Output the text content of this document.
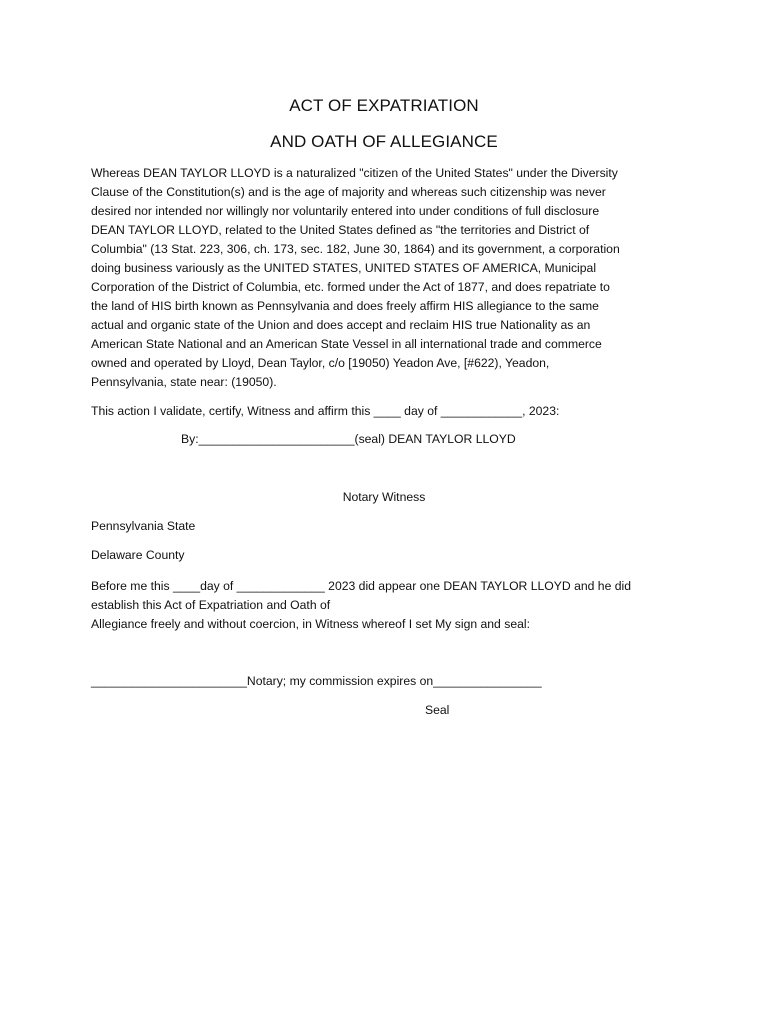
ACT OF EXPATRIATION
AND OATH OF ALLEGIANCE
Whereas DEAN TAYLOR LLOYD is a naturalized "citizen of the United States" under the Diversity
Clause of the Constitution(s) and is the age of majority and whereas such citizenship was never
desired nor intended nor willingly nor voluntarily entered into under conditions of full disclosure
DEAN TAYLOR LLOYD, related to the United States defined as "the territories and District of
Columbia" (13 Stat. 223, 306, ch. 173, sec. 182, June 30, 1864) and its government, a corporation
doing business variously as the UNITED STATES, UNITED STATES OF AMERICA, Municipal
Corporation of the District of Columbia, etc. formed under the Act of 1877, and does repatriate to
the land of HIS birth known as Pennsylvania and does freely affirm HIS allegiance to the same
actual and organic state of the Union and does accept and reclaim HIS true Nationality as an
American State National and an American State Vessel in all international trade and commerce
owned and operated by Lloyd, Dean Taylor, c/o [19050) Yeadon Ave, [#622), Yeadon,
Pennsylvania, state near: (19050).
This action I validate, certify, Witness and affirm this ____ day of ____________, 2023:
By:_______________________(seal) DEAN TAYLOR LLOYD
Notary Witness
Pennsylvania State
Delaware County
Before me this ____day of _____________ 2023 did appear one DEAN TAYLOR LLOYD and he did
establish this Act of Expatriation and Oath of
Allegiance freely and without coercion, in Witness whereof I set My sign and seal:
_______________________Notary; my commission expires on________________
Seal
